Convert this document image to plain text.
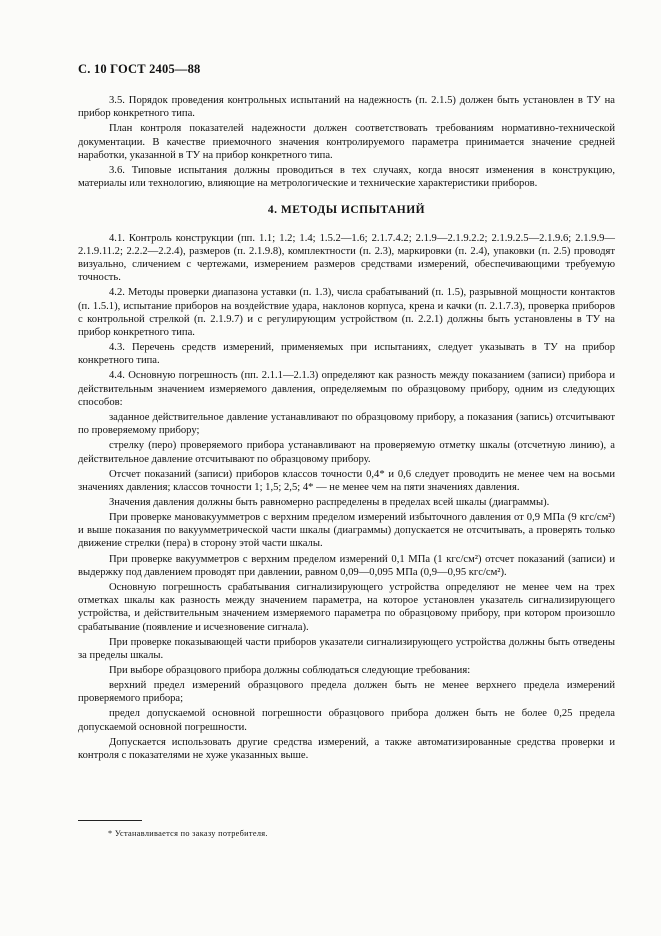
С. 10 ГОСТ 2405—88

3.5. Порядок проведения контрольных испытаний на надежность (п. 2.1.5) должен быть установлен в ТУ на прибор конкретного типа.

План контроля показателей надежности должен соответствовать требованиям нормативно-технической документации. В качестве приемочного значения контролируемого параметра принимается значение средней наработки, указанной в ТУ на прибор конкретного типа.

3.6. Типовые испытания должны проводиться в тех случаях, когда вносят изменения в конструкцию, материалы или технологию, влияющие на метрологические и технические характеристики приборов.

4. МЕТОДЫ ИСПЫТАНИЙ

4.1. Контроль конструкции (пп. 1.1; 1.2; 1.4; 1.5.2—1.6; 2.1.7.4.2; 2.1.9—2.1.9.2.2; 2.1.9.2.5—2.1.9.6; 2.1.9.9—2.1.9.11.2; 2.2.2—2.2.4), размеров (п. 2.1.9.8), комплектности (п. 2.3), маркировки (п. 2.4), упаковки (п. 2.5) проводят визуально, сличением с чертежами, измерением размеров средствами измерений, обеспечивающими требуемую точность.

4.2. Методы проверки диапазона уставки (п. 1.3), числа срабатываний (п. 1.5), разрывной мощности контактов (п. 1.5.1), испытание приборов на воздействие удара, наклонов корпуса, крена и качки (п. 2.1.7.3), проверка приборов с контрольной стрелкой (п. 2.1.9.7) и с регулирующим устройством (п. 2.2.1) должны быть установлены в ТУ на прибор конкретного типа.

4.3. Перечень средств измерений, применяемых при испытаниях, следует указывать в ТУ на прибор конкретного типа.

4.4. Основную погрешность (пп. 2.1.1—2.1.3) определяют как разность между показанием (записи) прибора и действительным значением измеряемого давления, определяемым по образцовому прибору, одним из следующих способов:

заданное действительное давление устанавливают по образцовому прибору, а показания (запись) отсчитывают по проверяемому прибору;

стрелку (перо) проверяемого прибора устанавливают на проверяемую отметку шкалы (отсчетную линию), а действительное давление отсчитывают по образцовому прибору.

Отсчет показаний (записи) приборов классов точности 0,4* и 0,6 следует проводить не менее чем на восьми значениях давления; классов точности 1; 1,5; 2,5; 4* — не менее чем на пяти значениях давления.

Значения давления должны быть равномерно распределены в пределах всей шкалы (диаграммы).

При проверке мановакуумметров с верхним пределом измерений избыточного давления от 0,9 МПа (9 кгс/см²) и выше показания по вакуумметрической части шкалы (диаграммы) допускается не отсчитывать, а проверять только движение стрелки (пера) в сторону этой части шкалы.

При проверке вакуумметров с верхним пределом измерений 0,1 МПа (1 кгс/см²) отсчет показаний (записи) и выдержку под давлением проводят при давлении, равном 0,09—0,095 МПа (0,9—0,95 кгс/см²).

Основную погрешность срабатывания сигнализирующего устройства определяют не менее чем на трех отметках шкалы как разность между значением параметра, на которое установлен указатель сигнализирующего устройства, и действительным значением измеряемого параметра по образцовому прибору, при котором произошло срабатывание (появление и исчезновение сигнала).

При проверке показывающей части приборов указатели сигнализирующего устройства должны быть отведены за пределы шкалы.

При выборе образцового прибора должны соблюдаться следующие требования:

верхний предел измерений образцового предела должен быть не менее верхнего предела измерений проверяемого прибора;

предел допускаемой основной погрешности образцового прибора должен быть не более 0,25 предела допускаемой основной погрешности.

Допускается использовать другие средства измерений, а также автоматизированные средства проверки и контроля с показателями не хуже указанных выше.

* Устанавливается по заказу потребителя.
